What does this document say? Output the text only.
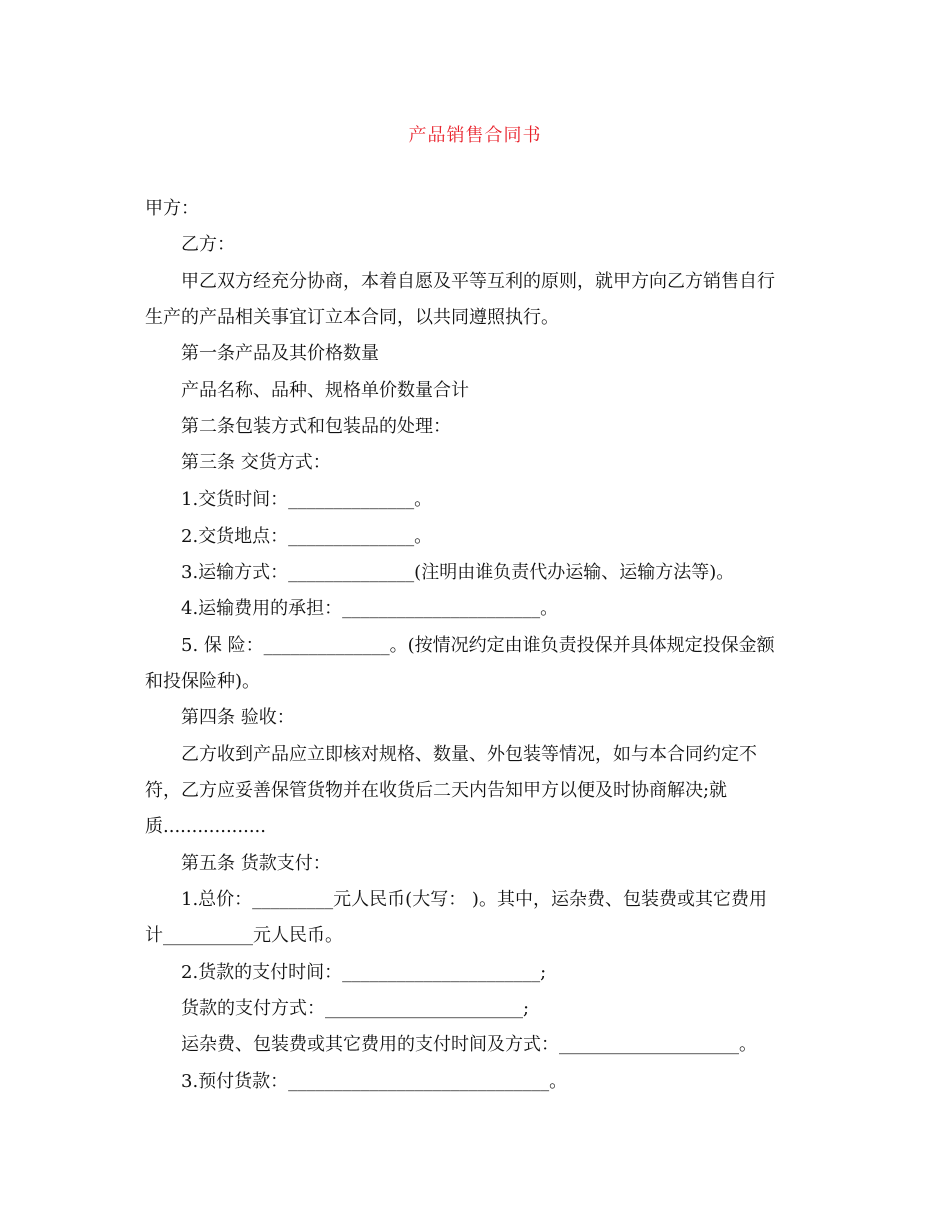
产品销售合同书
甲方：
乙方：
甲乙双方经充分协商，本着自愿及平等互利的原则，就甲方向乙方销售自行
生产的产品相关事宜订立本合同，以共同遵照执行。
第一条产品及其价格数量
产品名称、品种、规格单价数量合计
第二条包装方式和包装品的处理：
第三条 交货方式：
1.交货时间：______________。
2.交货地点：______________。
3.运输方式：______________(注明由谁负责代办运输、运输方法等)。
4.运输费用的承担：______________________。
5. 保 险：______________。(按情况约定由谁负责投保并具体规定投保金额
和投保险种)。
第四条 验收：
乙方收到产品应立即核对规格、数量、外包装等情况，如与本合同约定不
符，乙方应妥善保管货物并在收货后二天内告知甲方以便及时协商解决;就
质..................
第五条 货款支付：
1.总价：_________元人民币(大写： )。其中，运杂费、包装费或其它费用
计__________元人民币。
2.货款的支付时间：______________________;
货款的支付方式：______________________;
运杂费、包装费或其它费用的支付时间及方式：____________________。
3.预付货款：_____________________________。
